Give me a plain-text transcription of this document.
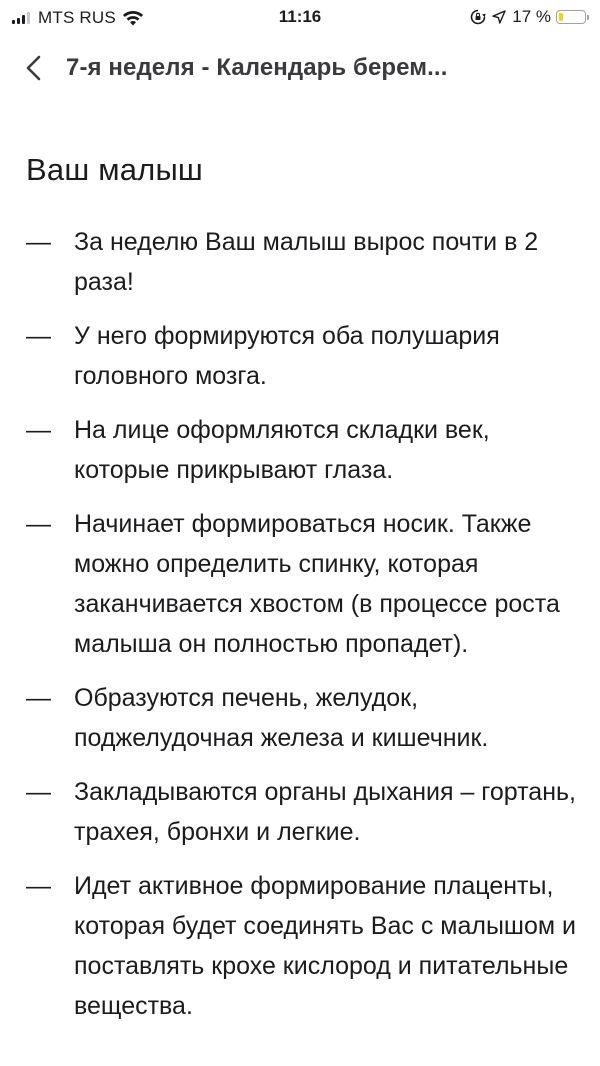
MTS RUS	11:16	17 %
7-я неделя - Календарь берем...
Ваш малыш
— За неделю Ваш малыш вырос почти в 2 раза!
— У него формируются оба полушария головного мозга.
— На лице оформляются складки век, которые прикрывают глаза.
— Начинает формироваться носик. Также можно определить спинку, которая заканчивается хвостом (в процессе роста малыша он полностью пропадет).
— Образуются печень, желудок, поджелудочная железа и кишечник.
— Закладываются органы дыхания – гортань, трахея, бронхи и легкие.
— Идет активное формирование плаценты, которая будет соединять Вас с малышом и поставлять крохе кислород и питательные вещества.
